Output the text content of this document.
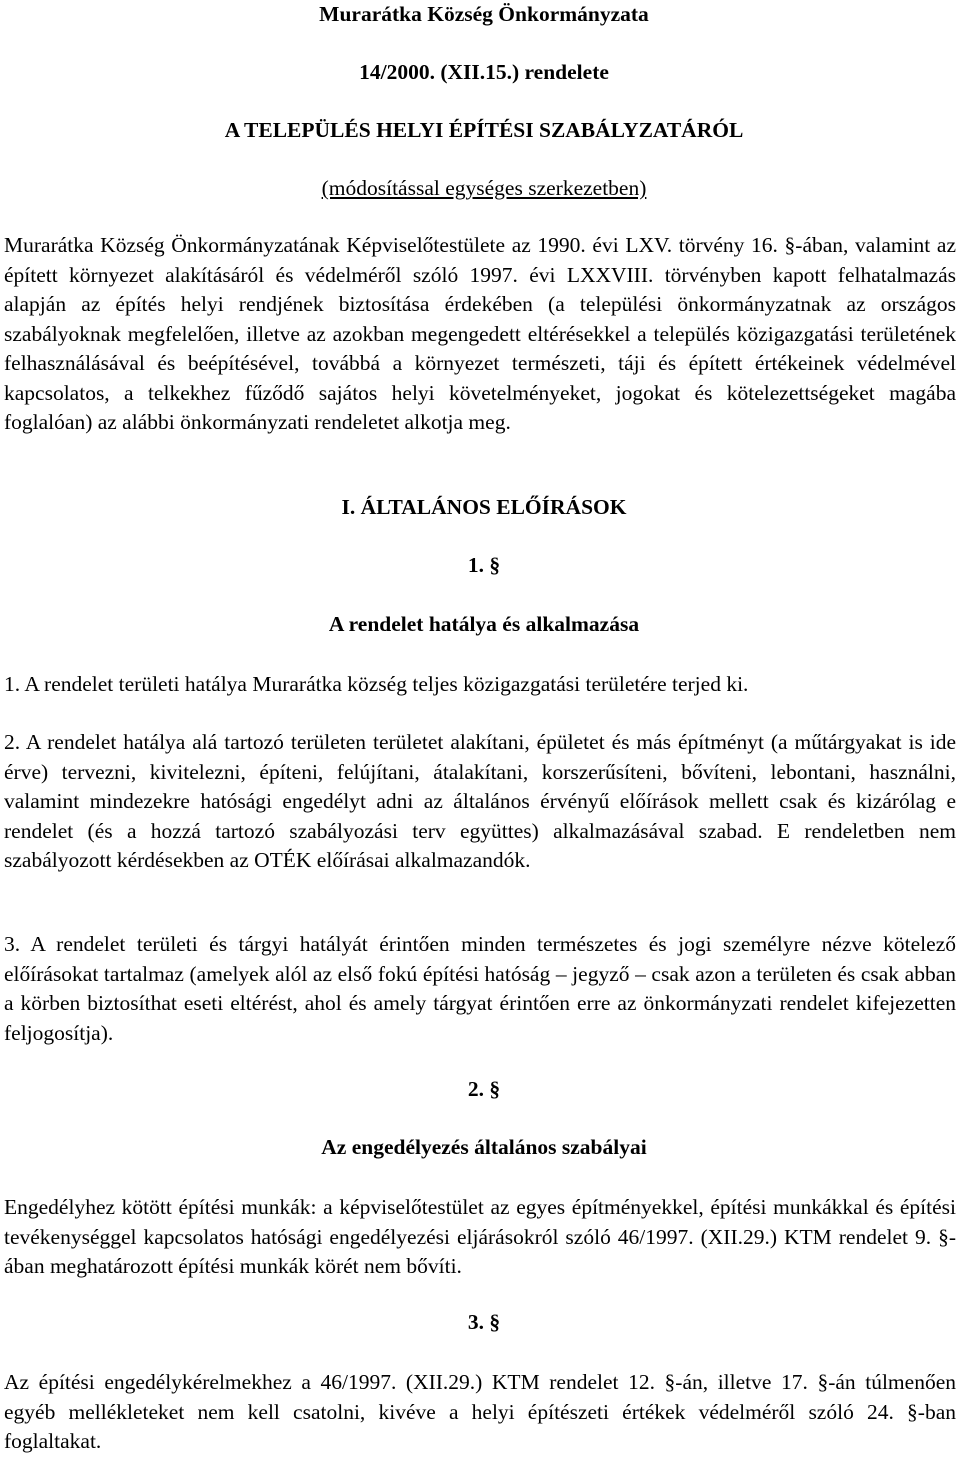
Murarátka Község Önkormányzata

14/2000. (XII.15.) rendelete

A TELEPÜLÉS HELYI ÉPÍTÉSI SZABÁLYZATÁRÓL

(módosítással egységes szerkezetben)

Murarátka Község Önkormányzatának Képviselőtestülete az 1990. évi LXV. törvény 16. §-ában, valamint az épített környezet alakításáról és védelméről szóló 1997. évi LXXVIII. törvényben kapott felhatalmazás alapján az építés helyi rendjének biztosítása érdekében (a települési önkormányzatnak az országos szabályoknak megfelelően, illetve az azokban megengedett eltérésekkel a település közigazgatási területének felhasználásával és beépítésével, továbbá a környezet természeti, táji és épített értékeinek védelmével kapcsolatos, a telkekhez fűződő sajátos helyi követelményeket, jogokat és kötelezettségeket magába foglalóan) az alábbi önkormányzati rendeletet alkotja meg.

I. ÁLTALÁNOS ELŐÍRÁSOK

1. §

A rendelet hatálya és alkalmazása

1. A rendelet területi hatálya Murarátka község teljes közigazgatási területére terjed ki.

2. A rendelet hatálya alá tartozó területen területet alakítani, épületet és más építményt (a műtárgyakat is ide érve) tervezni, kivitelezni, építeni, felújítani, átalakítani, korszerűsíteni, bővíteni, lebontani, használni, valamint mindezekre hatósági engedélyt adni az általános érvényű előírások mellett csak és kizárólag e rendelet (és a hozzá tartozó szabályozási terv együttes) alkalmazásával szabad. E rendeletben nem szabályozott kérdésekben az OTÉK előírásai alkalmazandók.

3. A rendelet területi és tárgyi hatályát érintően minden természetes és jogi személyre nézve kötelező előírásokat tartalmaz (amelyek alól az első fokú építési hatóság – jegyző – csak azon a területen és csak abban a körben biztosíthat eseti eltérést, ahol és amely tárgyat érintően erre az önkormányzati rendelet kifejezetten feljogosítja).

2. §

Az engedélyezés általános szabályai

Engedélyhez kötött építési munkák: a képviselőtestület az egyes építményekkel, építési munkákkal és építési tevékenységgel kapcsolatos hatósági engedélyezési eljárásokról szóló 46/1997. (XII.29.) KTM rendelet 9. §-ában meghatározott építési munkák körét nem bővíti.

3. §

Az építési engedélykérelmekhez a 46/1997. (XII.29.) KTM rendelet 12. §-án, illetve 17. §-án túlmenően egyéb mellékleteket nem kell csatolni, kivéve a helyi építészeti értékek védelméről szóló 24. §-ban foglaltakat.
